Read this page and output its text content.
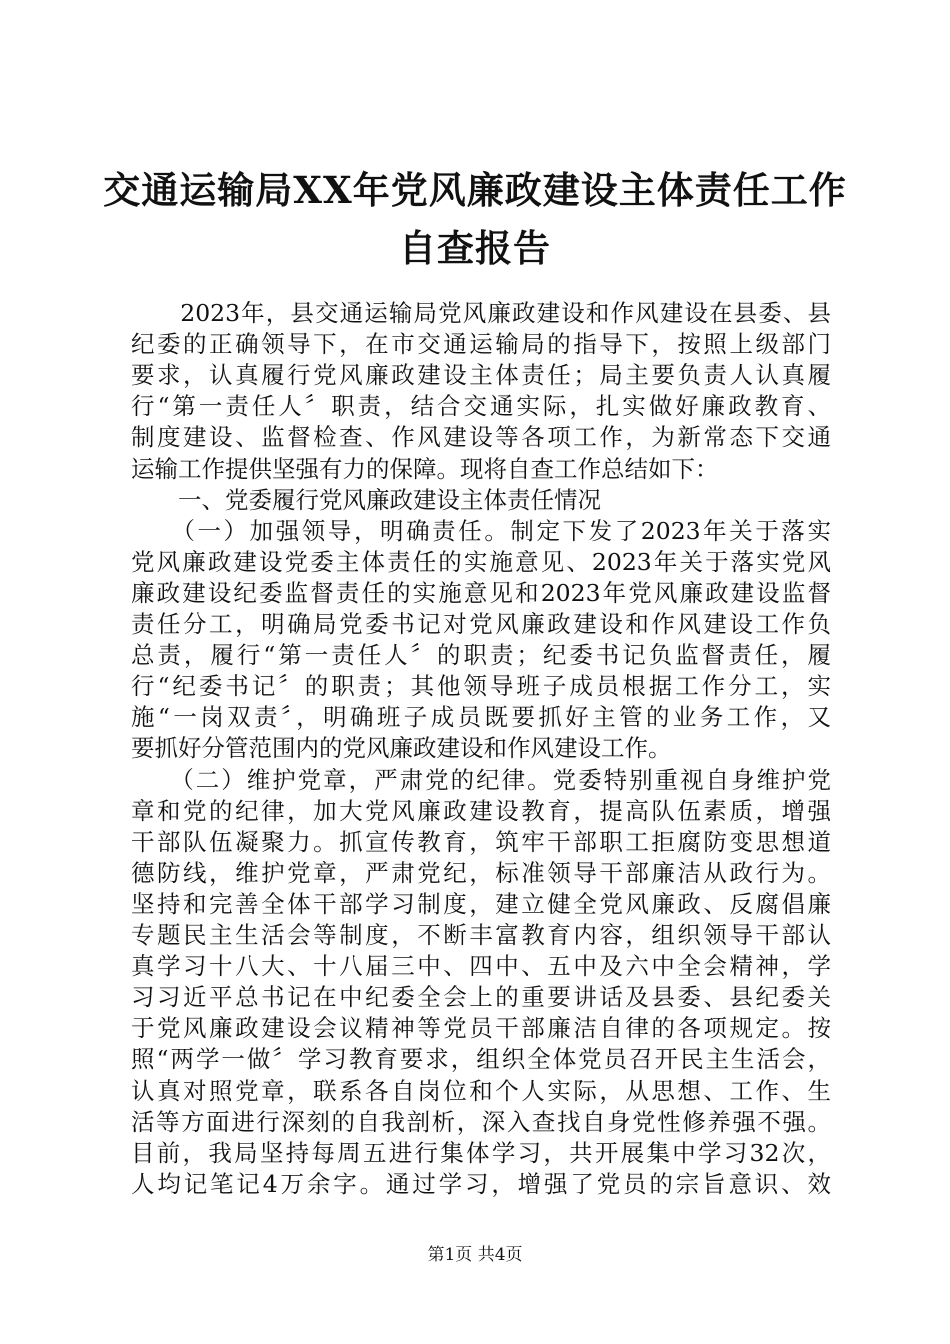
交通运输局XX年党风廉政建设主体责任工作
自查报告
　　2023年，县交通运输局党风廉政建设和作风建设在县委、县
纪委的正确领导下，在市交通运输局的指导下，按照上级部门
要求，认真履行党风廉政建设主体责任；局主要负责人认真履
行“第一责任人〞职责，结合交通实际，扎实做好廉政教育、
制度建设、监督检查、作风建设等各项工作，为新常态下交通
运输工作提供坚强有力的保障。现将自查工作总结如下：
　　一、党委履行党风廉政建设主体责任情况
　　（一）加强领导，明确责任。制定下发了2023年关于落实
党风廉政建设党委主体责任的实施意见、2023年关于落实党风
廉政建设纪委监督责任的实施意见和2023年党风廉政建设监督
责任分工，明确局党委书记对党风廉政建设和作风建设工作负
总责，履行“第一责任人〞的职责；纪委书记负监督责任，履
行“纪委书记〞的职责；其他领导班子成员根据工作分工，实
施“一岗双责〞，明确班子成员既要抓好主管的业务工作，又
要抓好分管范围内的党风廉政建设和作风建设工作。
　　（二）维护党章，严肃党的纪律。党委特别重视自身维护党
章和党的纪律，加大党风廉政建设教育，提高队伍素质，增强
干部队伍凝聚力。抓宣传教育，筑牢干部职工拒腐防变思想道
德防线，维护党章，严肃党纪，标准领导干部廉洁从政行为。
坚持和完善全体干部学习制度，建立健全党风廉政、反腐倡廉
专题民主生活会等制度，不断丰富教育内容，组织领导干部认
真学习十八大、十八届三中、四中、五中及六中全会精神，学
习习近平总书记在中纪委全会上的重要讲话及县委、县纪委关
于党风廉政建设会议精神等党员干部廉洁自律的各项规定。按
照“两学一做〞学习教育要求，组织全体党员召开民主生活会，
认真对照党章，联系各自岗位和个人实际，从思想、工作、生
活等方面进行深刻的自我剖析，深入查找自身党性修养强不强。
目前，我局坚持每周五进行集体学习，共开展集中学习32次，
人均记笔记4万余字。通过学习，增强了党员的宗旨意识、效
第1页 共4页
